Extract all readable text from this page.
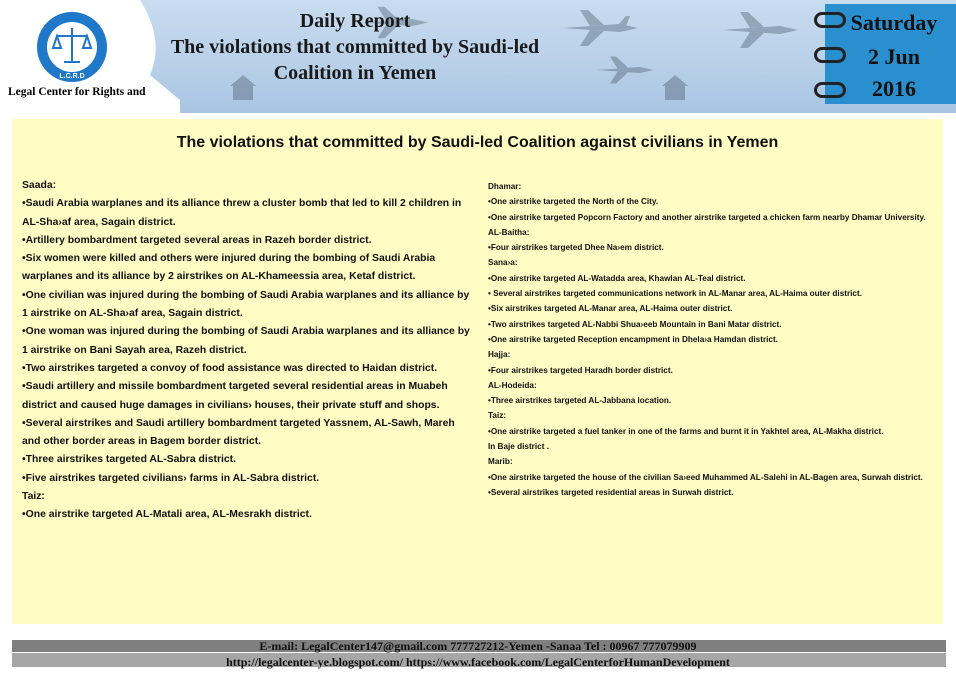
L.C.R.D
Legal Center for Rights and
Daily Report
The violations that committed by Saudi-led
Coalition in Yemen
Saturday
2 Jun
2016
The violations that committed by Saudi-led Coalition against civilians in Yemen

Saada:

•Saudi Arabia warplanes and its alliance threw a cluster bomb that led to kill 2 children in AL-Sha›af area, Sagain district.

•Artillery bombardment targeted several areas in Razeh border district.

•Six women were killed and others were injured during the bombing of Saudi Arabia warplanes and its alliance by 2 airstrikes on AL-Khameessia area, Ketaf district.

•One civilian was injured during the bombing of Saudi Arabia warplanes and its alliance by 1 airstrike on AL-Sha›af area, Sagain district.

•One woman was injured during the bombing of Saudi Arabia warplanes and its alliance by 1 airstrike on Bani Sayah area, Razeh district.

•Two airstrikes targeted a convoy of food assistance was directed to Haidan district.

•Saudi artillery and missile bombardment targeted several residential areas in Muabeh district and caused huge damages in civilians› houses, their private stuff and shops.

•Several airstrikes and Saudi artillery bombardment targeted Yassnem, AL-Sawh, Mareh and other border areas in Bagem border district.

•Three airstrikes targeted AL-Sabra district.

•Five airstrikes targeted civilians› farms in AL-Sabra district.

Taiz:

•One airstrike targeted AL-Matali area, AL-Mesrakh district.

Dhamar:

•One airstrike targeted the North of the City.

•One airstrike targeted Popcorn Factory and another airstrike targeted a chicken farm nearby Dhamar University.

AL-Baitha:

•Four airstrikes targeted Dhee Na›em district.

Sana›a:

•One airstrike targeted AL-Watadda area, Khawlan AL-Teal district.

• Several airstrikes targeted communications network in AL-Manar area, AL-Haima outer district.

•Six airstrikes targeted AL-Manar area, AL-Haima outer district.

•Two airstrikes targeted AL-Nabbi Shua›eeb Mountain in Bani Matar district.

•One airstrike targeted Reception encampment in Dhela›a Hamdan district.

Hajja:

•Four airstrikes targeted Haradh border district.

AL-Hodeida:

•Three airstrikes targeted AL-Jabbana location.

Taiz:

•One airstrike targeted a fuel tanker in one of the farms and burnt it in Yakhtel area, AL-Makha district.

In Baje district .

Marib:

•One airstrike targeted the house of the civilian Sa›eed Muhammed AL-Salehi in AL-Bagen area, Surwah district.

•Several airstrikes targeted residential areas in Surwah district.

E-mail: LegalCenter147@gmail.com 777727212-Yemen -Sanaa Tel : 00967 777079909
http://legalcenter-ye.blogspot.com/ https://www.facebook.com/LegalCenterforHumanDevelopment
